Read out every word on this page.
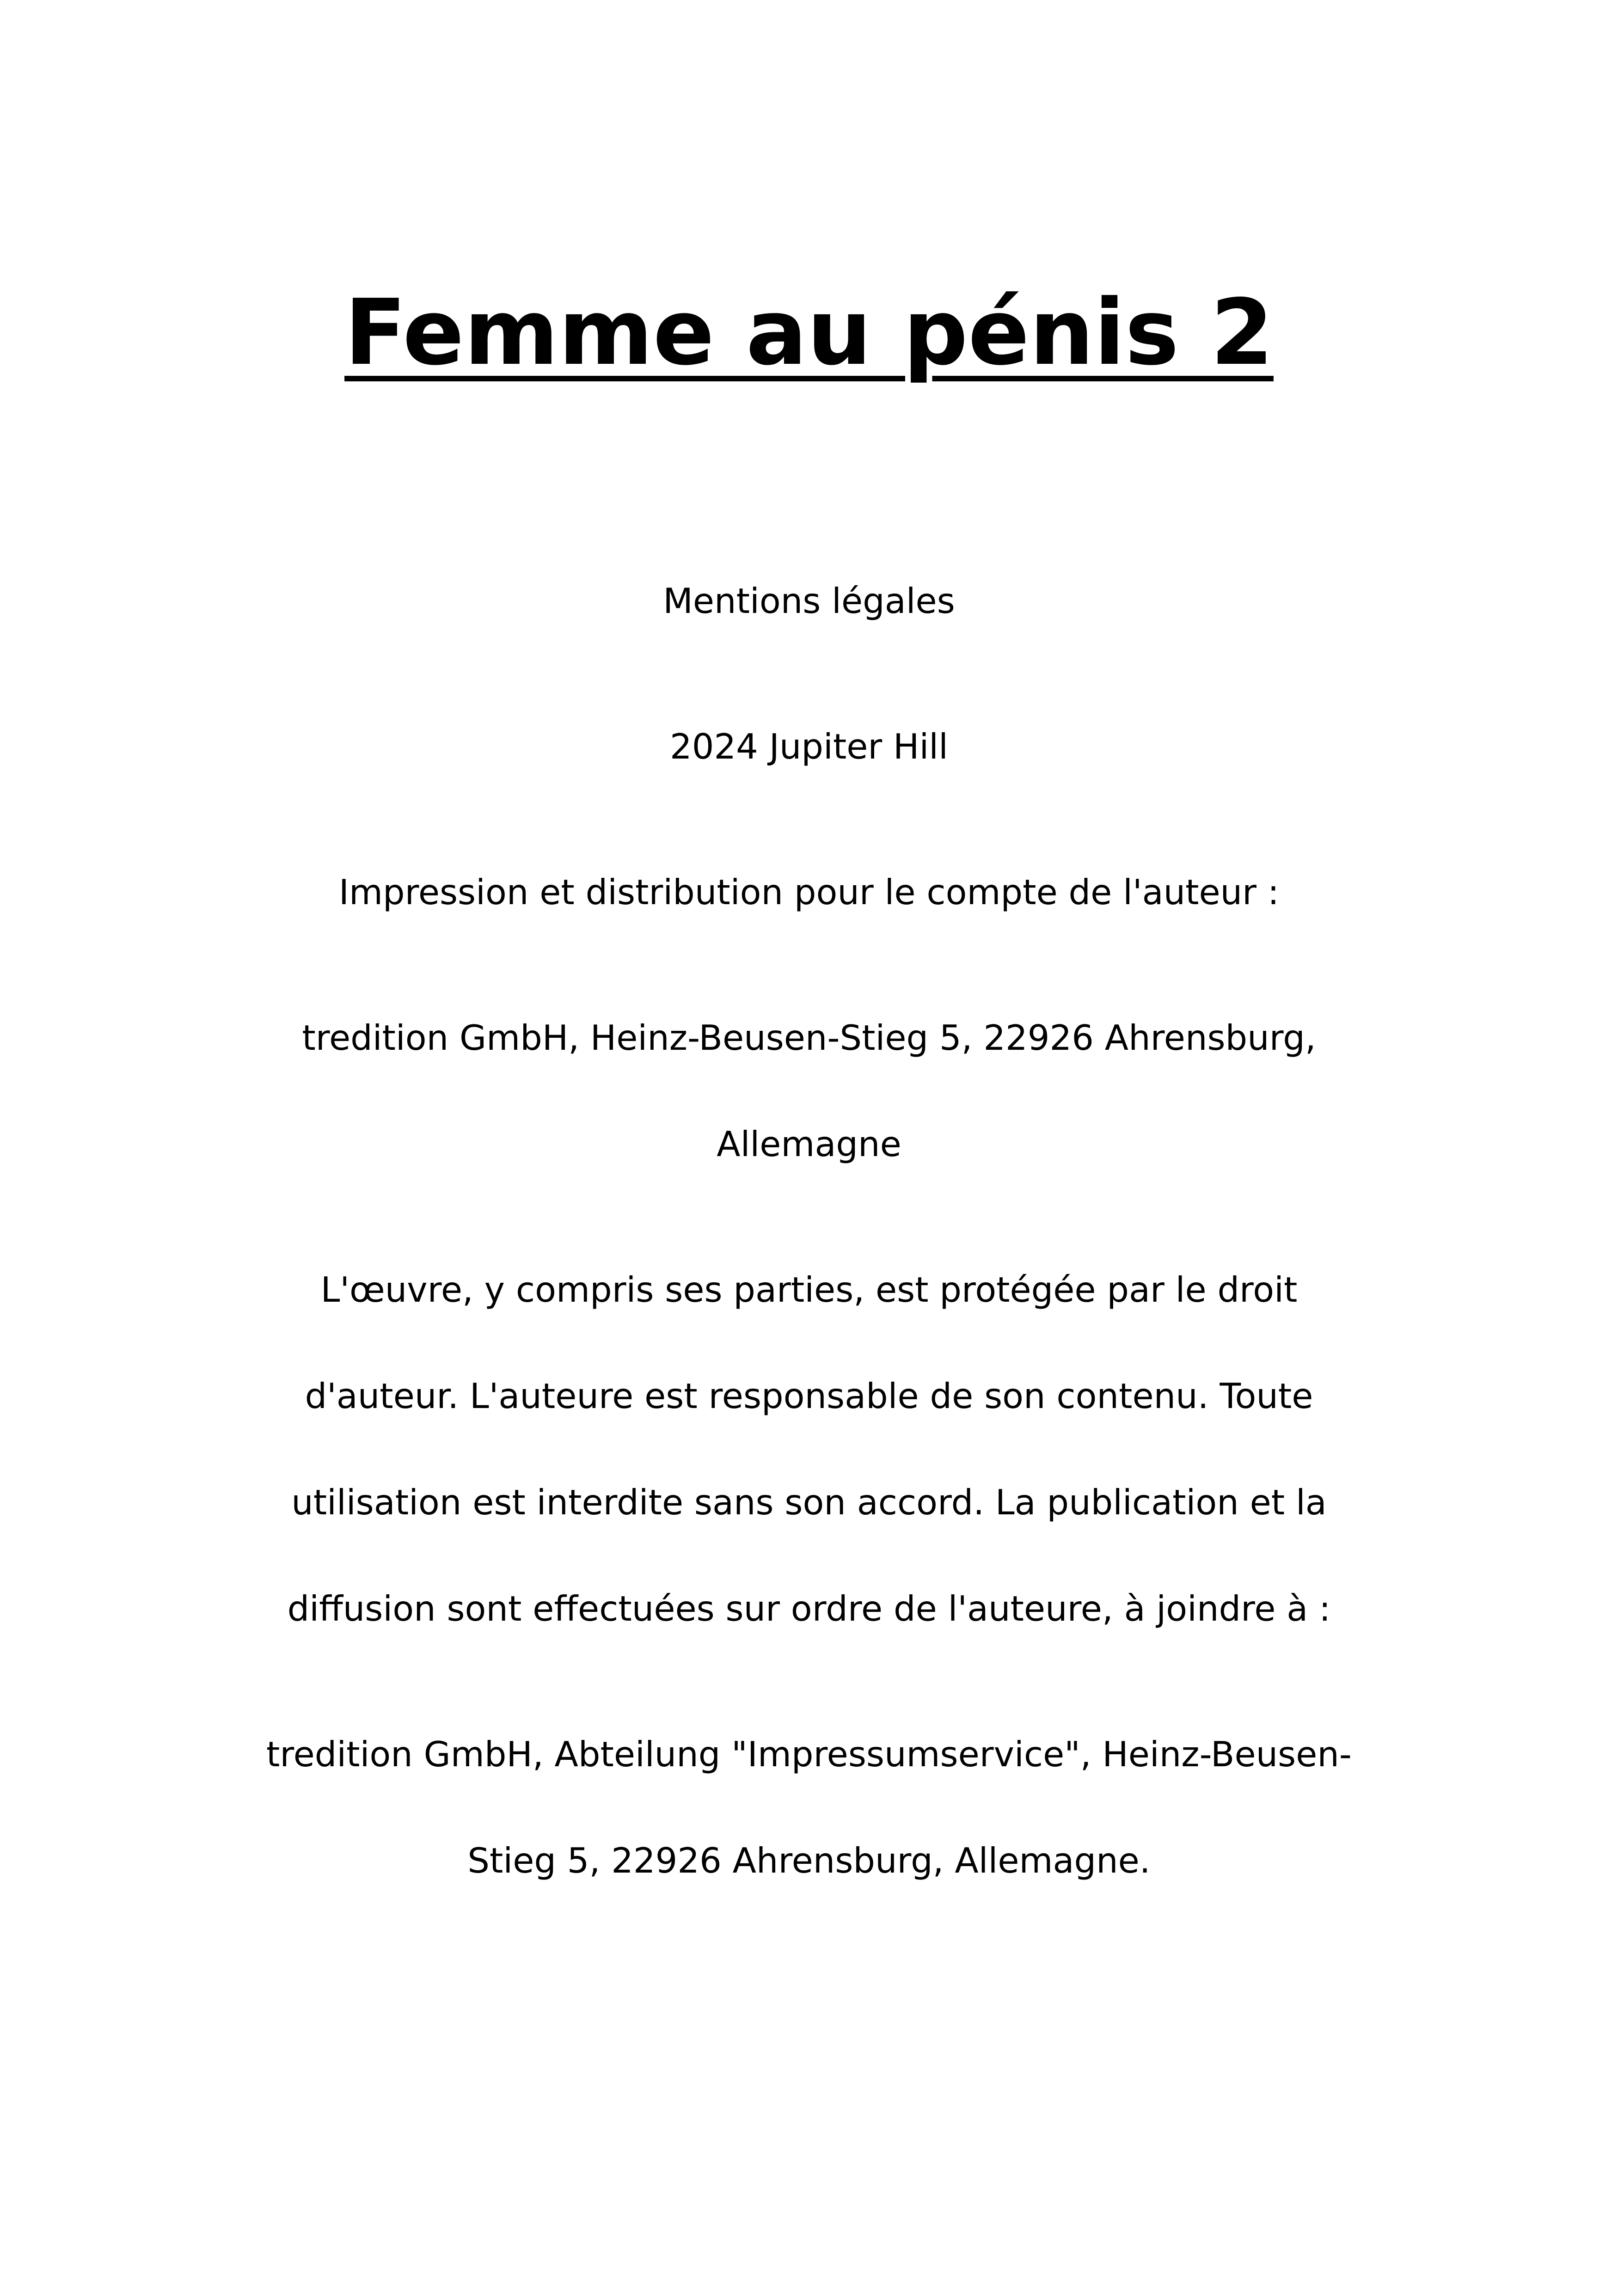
Femme au pénis 2

Mentions légales

2024 Jupiter Hill

Impression et distribution pour le compte de l'auteur :

tredition GmbH, Heinz-Beusen-Stieg 5, 22926 Ahrensburg,

Allemagne

L'œuvre, y compris ses parties, est protégée par le droit

d'auteur. L'auteure est responsable de son contenu. Toute

utilisation est interdite sans son accord. La publication et la

diffusion sont effectuées sur ordre de l'auteure, à joindre à :

tredition GmbH, Abteilung "Impressumservice", Heinz-Beusen-

Stieg 5, 22926 Ahrensburg, Allemagne.
